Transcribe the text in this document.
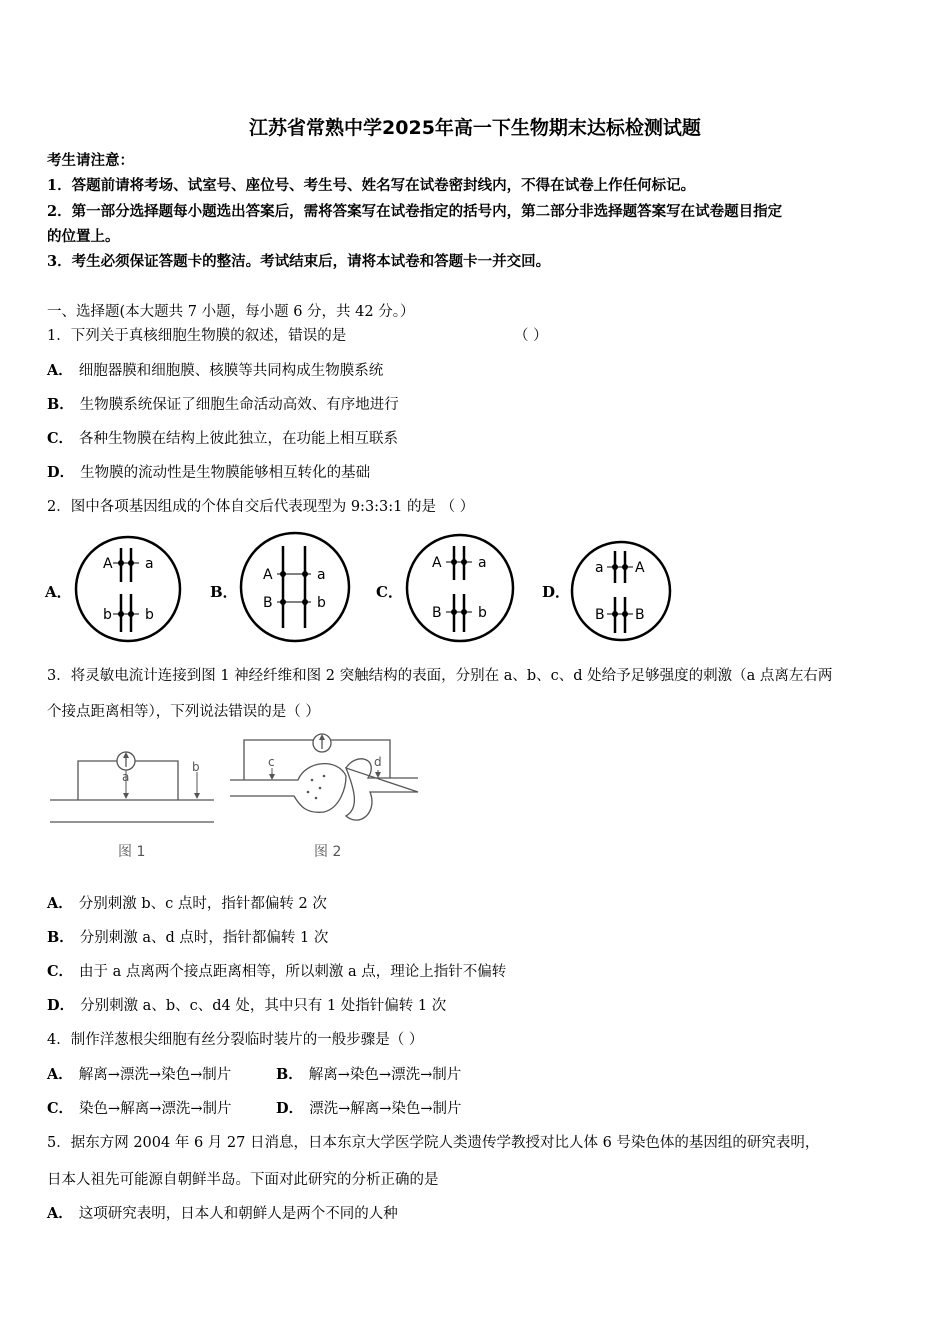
江苏省常熟中学2025年高一下生物期末达标检测试题
考生请注意：
1．答题前请将考场、试室号、座位号、考生号、姓名写在试卷密封线内，不得在试卷上作任何标记。
2．第一部分选择题每小题选出答案后，需将答案写在试卷指定的括号内，第二部分非选择题答案写在试卷题目指定
的位置上。
3．考生必须保证答题卡的整洁。考试结束后，请将本试卷和答题卡一并交回。
一、选择题(本大题共 7 小题，每小题 6 分，共 42 分。）
1．下列关于真核细胞生物膜的叙述，错误的是	（ ）
A． 细胞器膜和细胞膜、核膜等共同构成生物膜系统
B． 生物膜系统保证了细胞生命活动高效、有序地进行
C． 各种生物膜在结构上彼此独立，在功能上相互联系
D． 生物膜的流动性是生物膜能够相互转化的基础
2．图中各项基因组成的个体自交后代表现型为 9:3:3:1 的是 （ ）
A．	B．	C．	D．
A a
b b
A	a
B	b
A	a
B	b
a A
B B
3．将灵敏电流计连接到图 1 神经纤维和图 2 突触结构的表面，分别在 a、b、c、d 处给予足够强度的刺激（a 点离左右两
个接点距离相等），下列说法错误的是（ ）
a
b
图 1
c	d
图 2
A． 分别刺激 b、c 点时，指针都偏转 2 次
B． 分别刺激 a、d 点时，指针都偏转 1 次
C． 由于 a 点离两个接点距离相等，所以刺激 a 点，理论上指针不偏转
D． 分别刺激 a、b、c、d4 处，其中只有 1 处指针偏转 1 次
4．制作洋葱根尖细胞有丝分裂临时装片的一般步骤是（ ）
A． 解离→漂洗→染色→制片	B． 解离→染色→漂洗→制片
C． 染色→解离→漂洗→制片	D． 漂洗→解离→染色→制片
5．据东方网 2004 年 6 月 27 日消息，日本东京大学医学院人类遗传学教授对比人体 6 号染色体的基因组的研究表明，
日本人祖先可能源自朝鲜半岛。下面对此研究的分析正确的是
A． 这项研究表明，日本人和朝鲜人是两个不同的人种
